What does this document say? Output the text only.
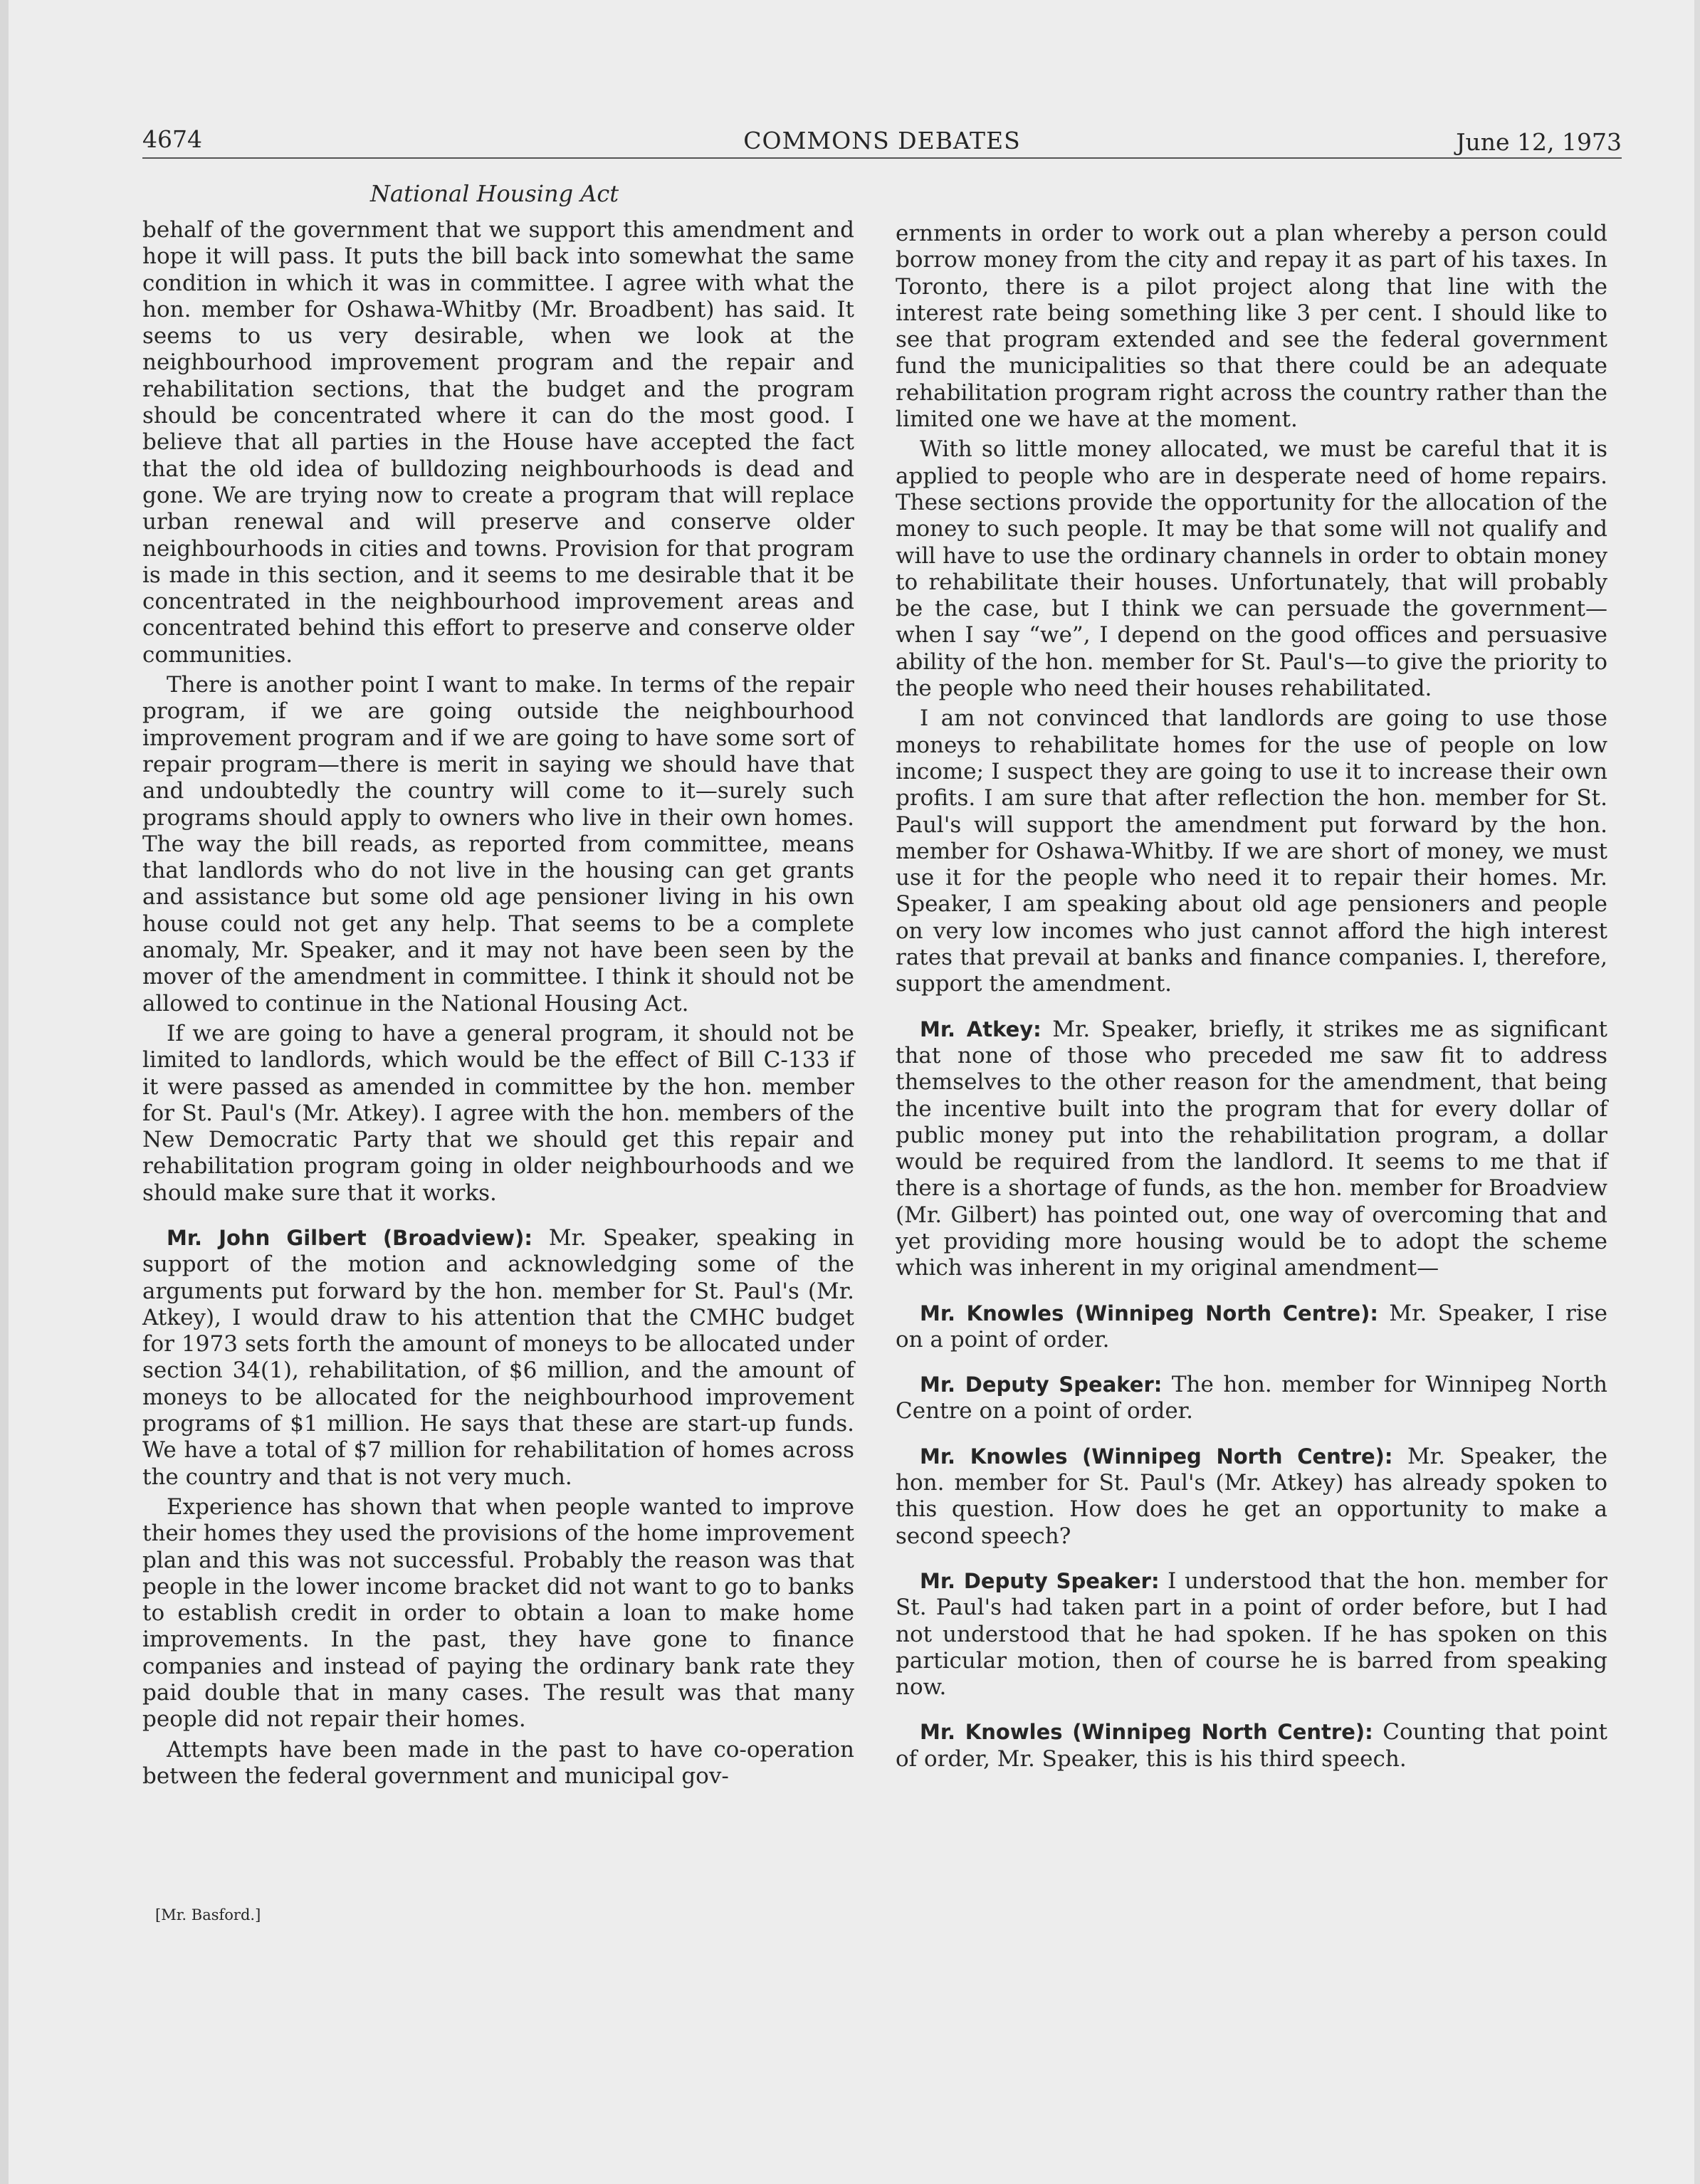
4674	COMMONS DEBATES	June 12, 1973
National Housing Act

behalf of the government that we support this amendment and hope it will pass. It puts the bill back into somewhat the same condition in which it was in committee. I agree with what the hon. member for Oshawa-Whitby (Mr. Broadbent) has said. It seems to us very desirable, when we look at the neighbourhood improvement program and the repair and rehabilitation sections, that the budget and the program should be concentrated where it can do the most good. I believe that all parties in the House have accepted the fact that the old idea of bulldozing neighbourhoods is dead and gone. We are trying now to create a program that will replace urban renewal and will preserve and conserve older neighbourhoods in cities and towns. Provision for that program is made in this section, and it seems to me desirable that it be concentrated in the neighbourhood improvement areas and concentrated behind this effort to preserve and conserve older communities.

There is another point I want to make. In terms of the repair program, if we are going outside the neighbourhood improvement program and if we are going to have some sort of repair program—there is merit in saying we should have that and undoubtedly the country will come to it—surely such programs should apply to owners who live in their own homes. The way the bill reads, as reported from committee, means that landlords who do not live in the housing can get grants and assistance but some old age pensioner living in his own house could not get any help. That seems to be a complete anomaly, Mr. Speaker, and it may not have been seen by the mover of the amendment in committee. I think it should not be allowed to continue in the National Housing Act.

If we are going to have a general program, it should not be limited to landlords, which would be the effect of Bill C-133 if it were passed as amended in committee by the hon. member for St. Paul's (Mr. Atkey). I agree with the hon. members of the New Democratic Party that we should get this repair and rehabilitation program going in older neighbourhoods and we should make sure that it works.

Mr. John Gilbert (Broadview): Mr. Speaker, speaking in support of the motion and acknowledging some of the arguments put forward by the hon. member for St. Paul's (Mr. Atkey), I would draw to his attention that the CMHC budget for 1973 sets forth the amount of moneys to be allocated under section 34(1), rehabilitation, of $6 million, and the amount of moneys to be allocated for the neighbourhood improvement programs of $1 million. He says that these are start-up funds. We have a total of $7 million for rehabilitation of homes across the country and that is not very much.

Experience has shown that when people wanted to improve their homes they used the provisions of the home improvement plan and this was not successful. Probably the reason was that people in the lower income bracket did not want to go to banks to establish credit in order to obtain a loan to make home improvements. In the past, they have gone to finance companies and instead of paying the ordinary bank rate they paid double that in many cases. The result was that many people did not repair their homes.

Attempts have been made in the past to have co-operation between the federal government and municipal gov-

ernments in order to work out a plan whereby a person could borrow money from the city and repay it as part of his taxes. In Toronto, there is a pilot project along that line with the interest rate being something like 3 per cent. I should like to see that program extended and see the federal government fund the municipalities so that there could be an adequate rehabilitation program right across the country rather than the limited one we have at the moment.

With so little money allocated, we must be careful that it is applied to people who are in desperate need of home repairs. These sections provide the opportunity for the allocation of the money to such people. It may be that some will not qualify and will have to use the ordinary channels in order to obtain money to rehabilitate their houses. Unfortunately, that will probably be the case, but I think we can persuade the government—when I say “we”, I depend on the good offices and persuasive ability of the hon. member for St. Paul's—to give the priority to the people who need their houses rehabilitated.

I am not convinced that landlords are going to use those moneys to rehabilitate homes for the use of people on low income; I suspect they are going to use it to increase their own profits. I am sure that after reflection the hon. member for St. Paul's will support the amendment put forward by the hon. member for Oshawa-Whitby. If we are short of money, we must use it for the people who need it to repair their homes. Mr. Speaker, I am speaking about old age pensioners and people on very low incomes who just cannot afford the high interest rates that prevail at banks and finance companies. I, therefore, support the amendment.

Mr. Atkey: Mr. Speaker, briefly, it strikes me as significant that none of those who preceded me saw fit to address themselves to the other reason for the amendment, that being the incentive built into the program that for every dollar of public money put into the rehabilitation program, a dollar would be required from the landlord. It seems to me that if there is a shortage of funds, as the hon. member for Broadview (Mr. Gilbert) has pointed out, one way of overcoming that and yet providing more housing would be to adopt the scheme which was inherent in my original amendment—

Mr. Knowles (Winnipeg North Centre): Mr. Speaker, I rise on a point of order.

Mr. Deputy Speaker: The hon. member for Winnipeg North Centre on a point of order.

Mr. Knowles (Winnipeg North Centre): Mr. Speaker, the hon. member for St. Paul's (Mr. Atkey) has already spoken to this question. How does he get an opportunity to make a second speech?

Mr. Deputy Speaker: I understood that the hon. member for St. Paul's had taken part in a point of order before, but I had not understood that he had spoken. If he has spoken on this particular motion, then of course he is barred from speaking now.

Mr. Knowles (Winnipeg North Centre): Counting that point of order, Mr. Speaker, this is his third speech.

[Mr. Basford.]
